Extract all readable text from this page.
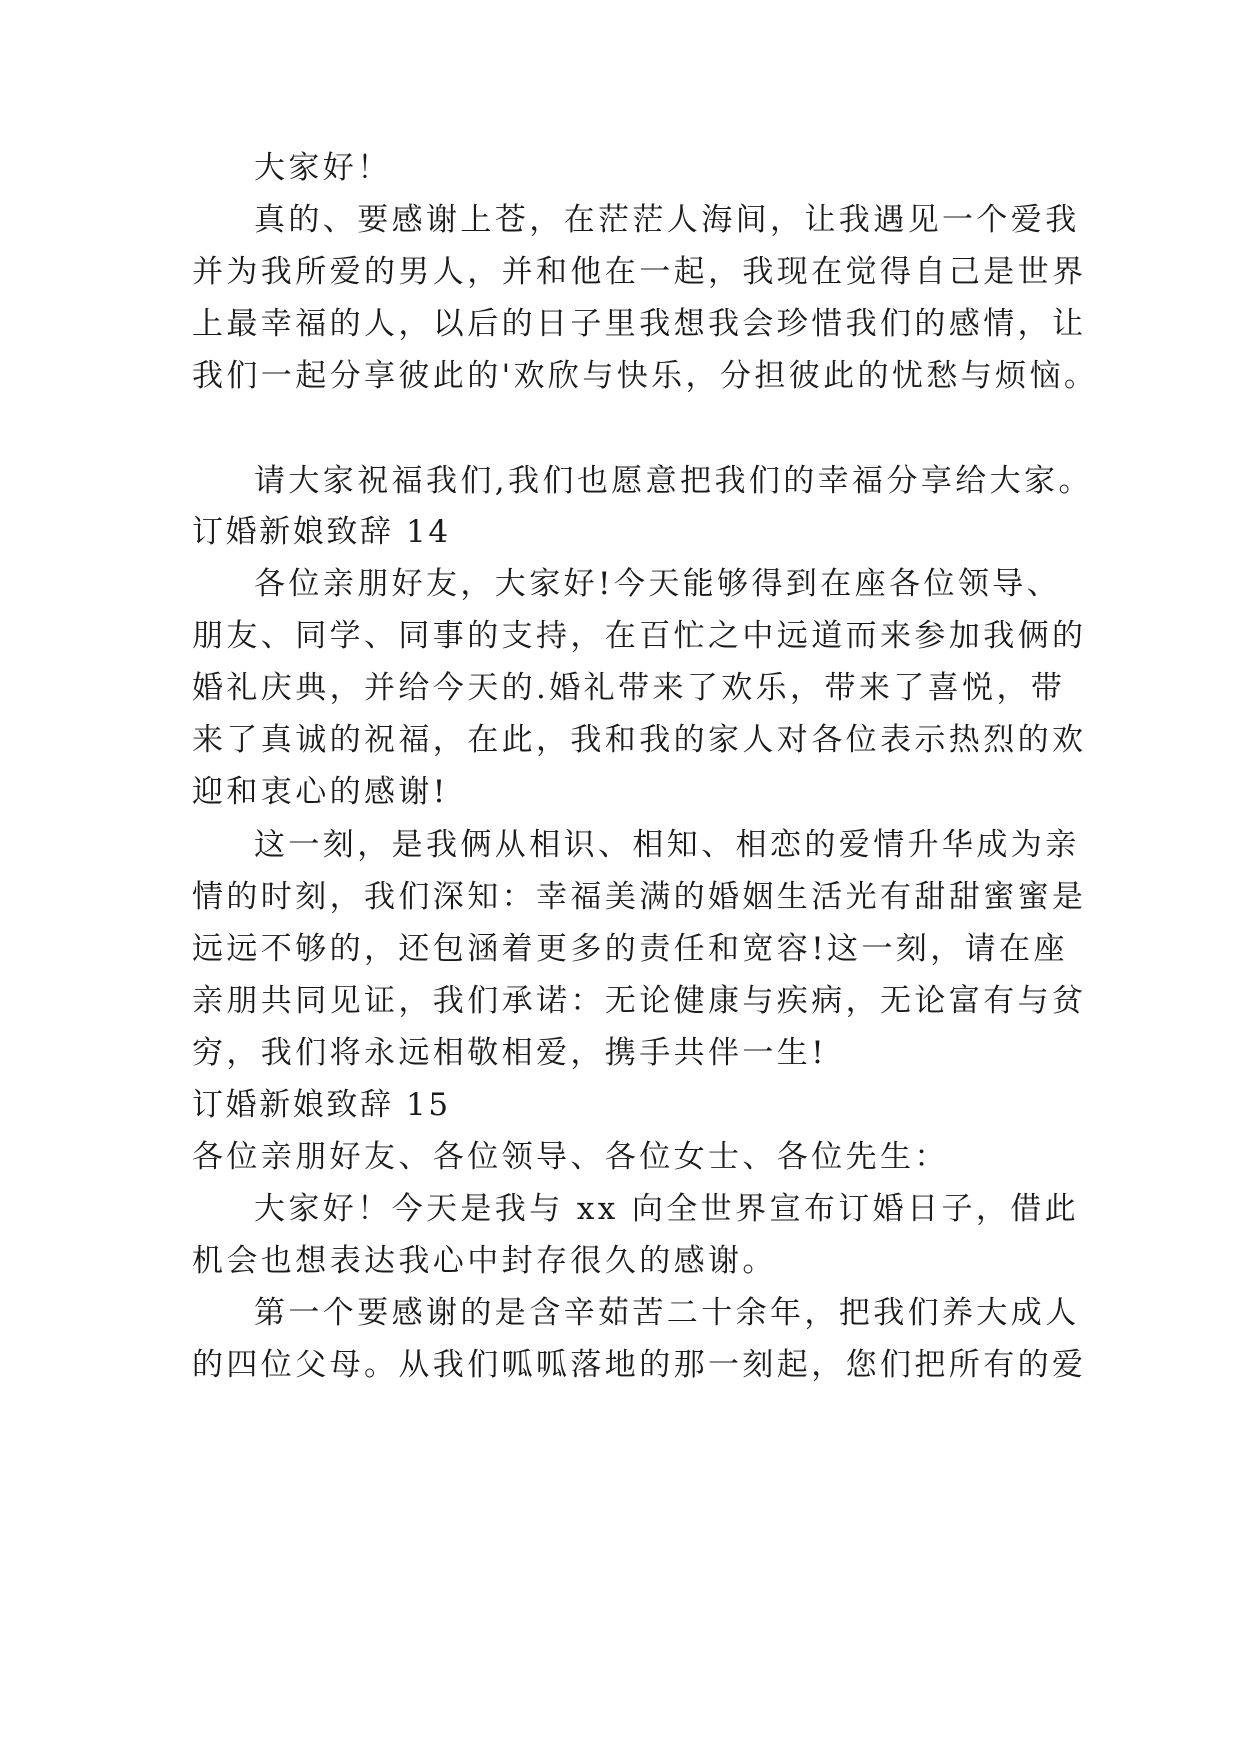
大家好！
真的、要感谢上苍，在茫茫人海间，让我遇见一个爱我
并为我所爱的男人，并和他在一起，我现在觉得自己是世界
上最幸福的人，以后的日子里我想我会珍惜我们的感情，让
我们一起分享彼此的'欢欣与快乐，分担彼此的忧愁与烦恼。
请大家祝福我们,我们也愿意把我们的幸福分享给大家。
订婚新娘致辞 14
各位亲朋好友，大家好!今天能够得到在座各位领导、
朋友、同学、同事的支持，在百忙之中远道而来参加我俩的
婚礼庆典，并给今天的.婚礼带来了欢乐，带来了喜悦，带
来了真诚的祝福，在此，我和我的家人对各位表示热烈的欢
迎和衷心的感谢!
这一刻，是我俩从相识、相知、相恋的爱情升华成为亲
情的时刻，我们深知：幸福美满的婚姻生活光有甜甜蜜蜜是
远远不够的，还包涵着更多的责任和宽容!这一刻，请在座
亲朋共同见证，我们承诺：无论健康与疾病，无论富有与贫
穷，我们将永远相敬相爱，携手共伴一生!
订婚新娘致辞 15
各位亲朋好友、各位领导、各位女士、各位先生：
大家好！今天是我与 xx 向全世界宣布订婚日子，借此
机会也想表达我心中封存很久的感谢。
第一个要感谢的是含辛茹苦二十余年，把我们养大成人
的四位父母。从我们呱呱落地的那一刻起，您们把所有的爱
